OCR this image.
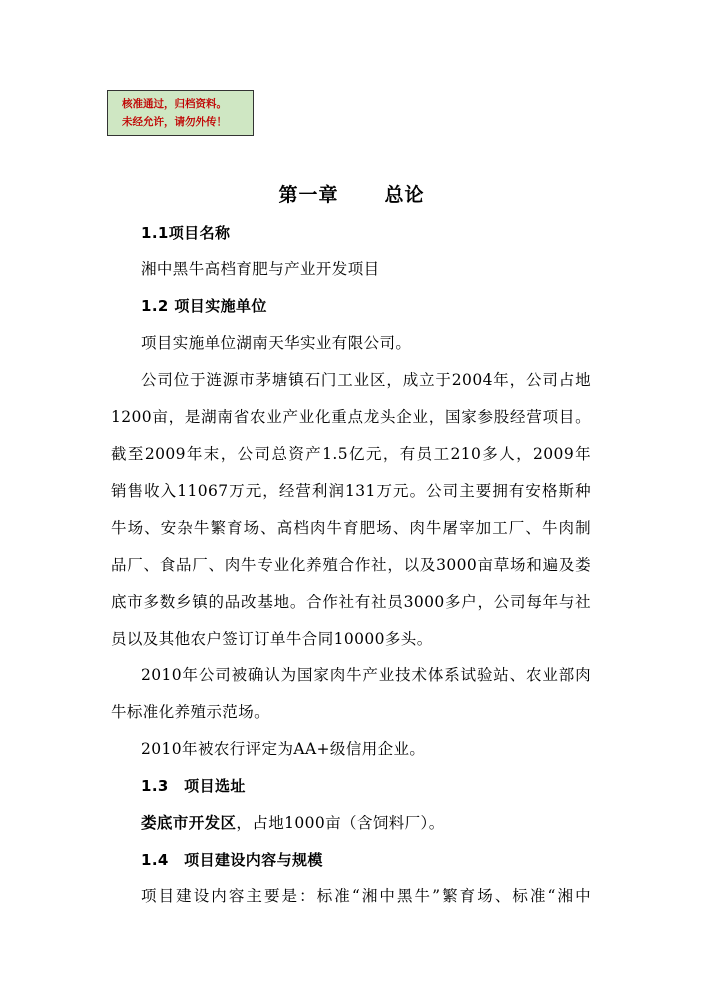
核准通过，归档资料。
未经允许，请勿外传！
第一章 总论
1.1项目名称
湘中黑牛高档育肥与产业开发项目
1.2 项目实施单位
项目实施单位湖南天华实业有限公司。
公司位于涟源市茅塘镇石门工业区，成立于2004年，公司占地
1200亩，是湖南省农业产业化重点龙头企业，国家参股经营项目。
截至2009年末，公司总资产1.5亿元，有员工210多人，2009年
销售收入11067万元，经营利润131万元。公司主要拥有安格斯种
牛场、安杂牛繁育场、高档肉牛育肥场、肉牛屠宰加工厂、牛肉制
品厂、食品厂、肉牛专业化养殖合作社，以及3000亩草场和遍及娄
底市多数乡镇的品改基地。合作社有社员3000多户，公司每年与社
员以及其他农户签订订单牛合同10000多头。
2010年公司被确认为国家肉牛产业技术体系试验站、农业部肉
牛标准化养殖示范场。
2010年被农行评定为AA+级信用企业。
1.3　项目选址
娄底市开发区，占地1000亩（含饲料厂）。
1.4　项目建设内容与规模
项目建设内容主要是：标准“湘中黑牛”繁育场、标准“湘中
